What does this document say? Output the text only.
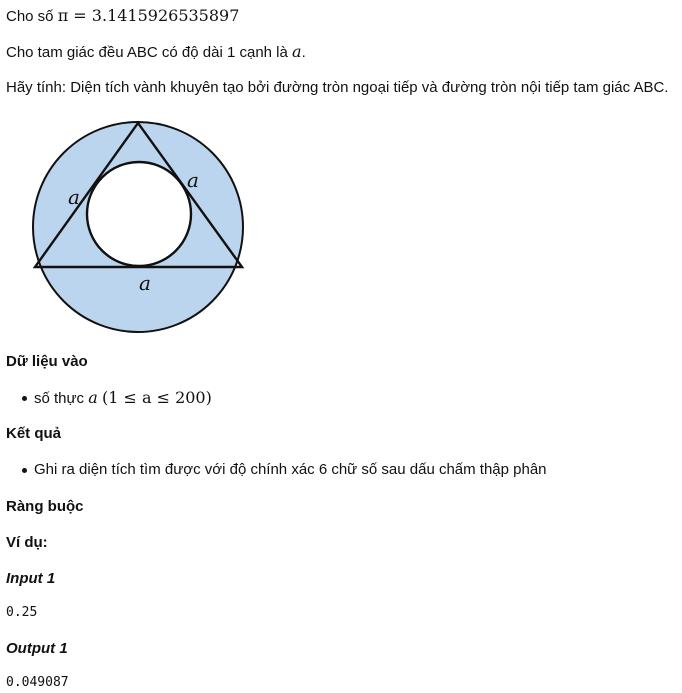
Cho số π = 3.1415926535897
Cho tam giác đều ABC có độ dài 1 cạnh là a.
Hãy tính: Diện tích vành khuyên tạo bởi đường tròn ngoại tiếp và đường tròn nội tiếp tam giác ABC.
a
a
a
Dữ liệu vào
số thực a (1 ≤ a ≤ 200)
Kết quả
Ghi ra diện tích tìm được với độ chính xác 6 chữ số sau dấu chấm thập phân
Ràng buộc
Ví dụ:
Input 1
0.25
Output 1
0.049087
